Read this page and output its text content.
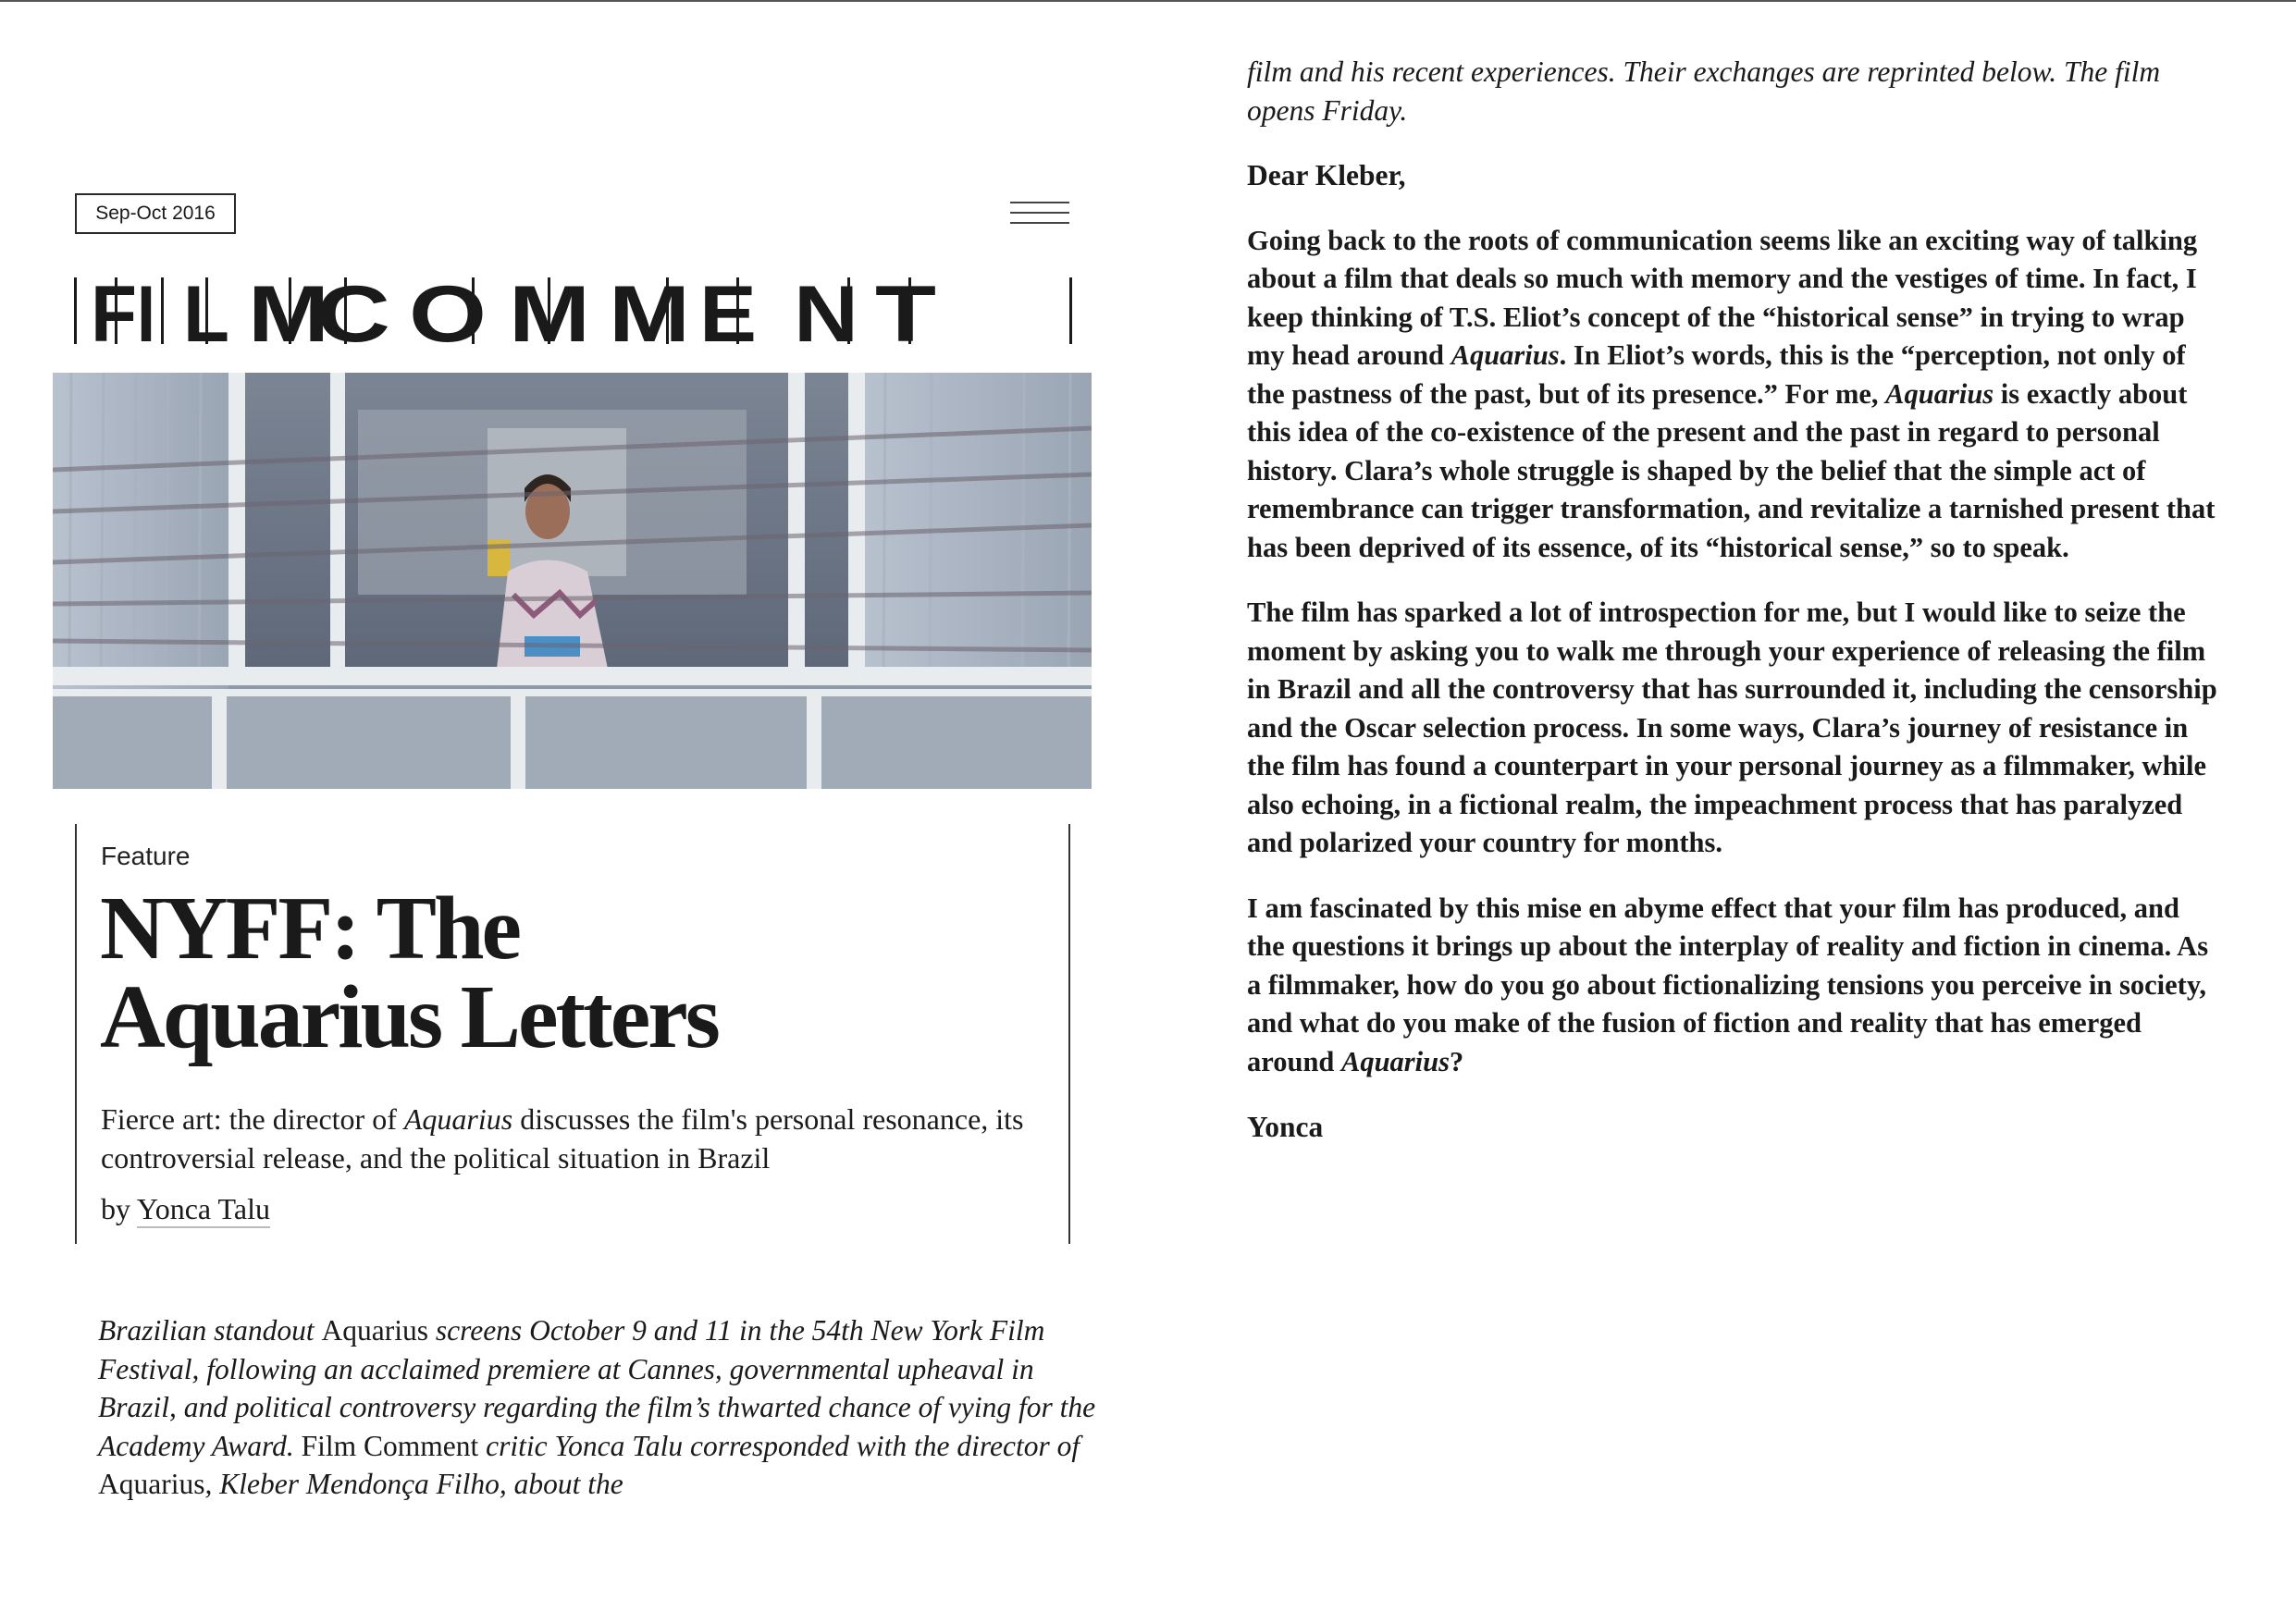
Sep-Oct 2016
F I L M
C O M M E N T
Feature
NYFF: The
Aquarius Letters

Fierce art: the director of Aquarius discusses the film's personal resonance, its controversial release, and the political situation in Brazil

by Yonca Talu

Brazilian standout Aquarius screens October 9 and 11 in the 54th New York Film Festival, following an acclaimed premiere at Cannes, governmental upheaval in Brazil, and political controversy regarding the film’s thwarted chance of vying for the Academy Award. Film Comment critic Yonca Talu corresponded with the director of Aquarius, Kleber Mendonça Filho, about the

film and his recent experiences. Their exchanges are reprinted below. The film opens Friday.

Dear Kleber,

Going back to the roots of communication seems like an exciting way of talking about a film that deals so much with memory and the vestiges of time. In fact, I keep thinking of T.S. Eliot’s concept of the “historical sense” in trying to wrap my head around Aquarius. In Eliot’s words, this is the “perception, not only of the pastness of the past, but of its presence.” For me, Aquarius is exactly about this idea of the co-existence of the present and the past in regard to personal history. Clara’s whole struggle is shaped by the belief that the simple act of remembrance can trigger transformation, and revitalize a tarnished present that has been deprived of its essence, of its “historical sense,” so to speak.

The film has sparked a lot of introspection for me, but I would like to seize the moment by asking you to walk me through your experience of releasing the film in Brazil and all the controversy that has surrounded it, including the censorship and the Oscar selection process. In some ways, Clara’s journey of resistance in the film has found a counterpart in your personal journey as a filmmaker, while also echoing, in a fictional realm, the impeachment process that has paralyzed and polarized your country for months.

I am fascinated by this mise en abyme effect that your film has produced, and the questions it brings up about the interplay of reality and fiction in cinema. As a filmmaker, how do you go about fictionalizing tensions you perceive in society, and what do you make of the fusion of fiction and reality that has emerged around Aquarius?

Yonca
